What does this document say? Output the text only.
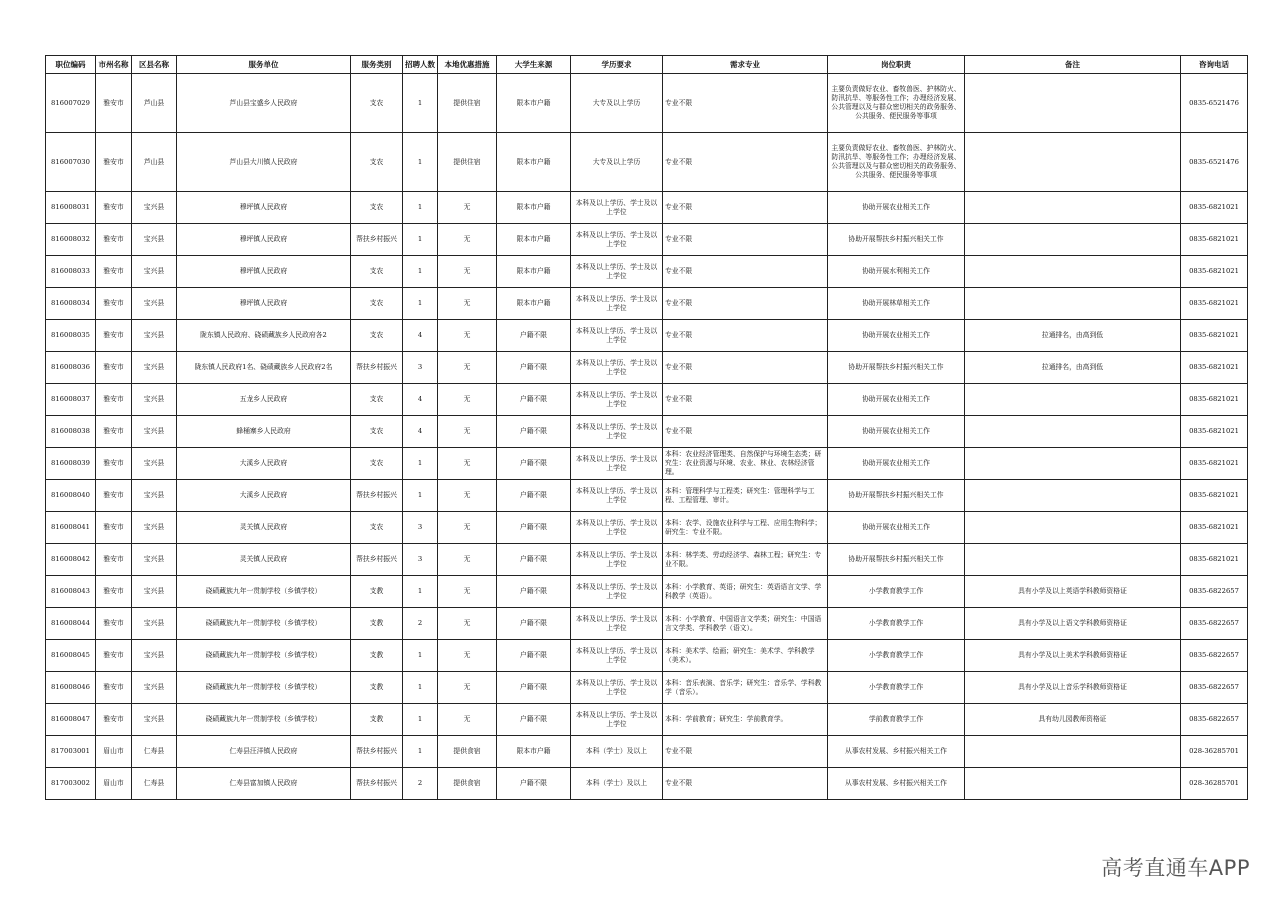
职位编码	市州名称	区县名称	服务单位	服务类别	招聘人数	本地优惠措施	大学生来源	学历要求	需求专业	岗位职责	备注	咨询电话
816007029	雅安市	芦山县	芦山县宝盛乡人民政府	支农	1	提供住宿	限本市户籍	大专及以上学历	专业不限	主要负责做好农业、畜牧兽医、护林防火、防汛抗旱、等服务性工作；办理经济发展、公共管理以及与群众密切相关的政务服务、公共服务、便民服务等事项		0835-6521476
816007030	雅安市	芦山县	芦山县大川镇人民政府	支农	1	提供住宿	限本市户籍	大专及以上学历	专业不限	主要负责做好农业、畜牧兽医、护林防火、防汛抗旱、等服务性工作；办理经济发展、公共管理以及与群众密切相关的政务服务、公共服务、便民服务等事项		0835-6521476
816008031	雅安市	宝兴县	穆坪镇人民政府	支农	1	无	限本市户籍	本科及以上学历、学士及以上学位	专业不限	协助开展农业相关工作		0835-6821021
816008032	雅安市	宝兴县	穆坪镇人民政府	帮扶乡村振兴	1	无	限本市户籍	本科及以上学历、学士及以上学位	专业不限	协助开展帮扶乡村振兴相关工作		0835-6821021
816008033	雅安市	宝兴县	穆坪镇人民政府	支农	1	无	限本市户籍	本科及以上学历、学士及以上学位	专业不限	协助开展水利相关工作		0835-6821021
816008034	雅安市	宝兴县	穆坪镇人民政府	支农	1	无	限本市户籍	本科及以上学历、学士及以上学位	专业不限	协助开展林草相关工作		0835-6821021
816008035	雅安市	宝兴县	陇东镇人民政府、硗碛藏族乡人民政府各2	支农	4	无	户籍不限	本科及以上学历、学士及以上学位	专业不限	协助开展农业相关工作	拉通排名，由高到低	0835-6821021
816008036	雅安市	宝兴县	陇东镇人民政府1名、硗碛藏族乡人民政府2名	帮扶乡村振兴	3	无	户籍不限	本科及以上学历、学士及以上学位	专业不限	协助开展帮扶乡村振兴相关工作	拉通排名，由高到低	0835-6821021
816008037	雅安市	宝兴县	五龙乡人民政府	支农	4	无	户籍不限	本科及以上学历、学士及以上学位	专业不限	协助开展农业相关工作		0835-6821021
816008038	雅安市	宝兴县	蜂桶寨乡人民政府	支农	4	无	户籍不限	本科及以上学历、学士及以上学位	专业不限	协助开展农业相关工作		0835-6821021
816008039	雅安市	宝兴县	大溪乡人民政府	支农	1	无	户籍不限	本科及以上学历、学士及以上学位	本科：农业经济管理类、自然保护与环境生态类；研究生：农业资源与环境、农业、林业、农林经济管理。	协助开展农业相关工作		0835-6821021
816008040	雅安市	宝兴县	大溪乡人民政府	帮扶乡村振兴	1	无	户籍不限	本科及以上学历、学士及以上学位	本科：管理科学与工程类；研究生：管理科学与工程、工程管理、审计。	协助开展帮扶乡村振兴相关工作		0835-6821021
816008041	雅安市	宝兴县	灵关镇人民政府	支农	3	无	户籍不限	本科及以上学历、学士及以上学位	本科：农学、设施农业科学与工程、应用生物科学；研究生：专业不限。	协助开展农业相关工作		0835-6821021
816008042	雅安市	宝兴县	灵关镇人民政府	帮扶乡村振兴	3	无	户籍不限	本科及以上学历、学士及以上学位	本科：林学类、劳动经济学、森林工程；研究生：专业不限。	协助开展帮扶乡村振兴相关工作		0835-6821021
816008043	雅安市	宝兴县	硗碛藏族九年一贯制学校（乡镇学校）	支教	1	无	户籍不限	本科及以上学历、学士及以上学位	本科：小学教育、英语；研究生：英语语言文学、学科教学（英语）。	小学教育教学工作	具有小学及以上英语学科教师资格证	0835-6822657
816008044	雅安市	宝兴县	硗碛藏族九年一贯制学校（乡镇学校）	支教	2	无	户籍不限	本科及以上学历、学士及以上学位	本科：小学教育、中国语言文学类；研究生：中国语言文学类、学科教学（语文）。	小学教育教学工作	具有小学及以上语文学科教师资格证	0835-6822657
816008045	雅安市	宝兴县	硗碛藏族九年一贯制学校（乡镇学校）	支教	1	无	户籍不限	本科及以上学历、学士及以上学位	本科：美术学、绘画；研究生：美术学、学科教学（美术）。	小学教育教学工作	具有小学及以上美术学科教师资格证	0835-6822657
816008046	雅安市	宝兴县	硗碛藏族九年一贯制学校（乡镇学校）	支教	1	无	户籍不限	本科及以上学历、学士及以上学位	本科：音乐表演、音乐学；研究生：音乐学、学科教学（音乐）。	小学教育教学工作	具有小学及以上音乐学科教师资格证	0835-6822657
816008047	雅安市	宝兴县	硗碛藏族九年一贯制学校（乡镇学校）	支教	1	无	户籍不限	本科及以上学历、学士及以上学位	本科：学前教育；研究生：学前教育学。	学前教育教学工作	具有幼儿园教师资格证	0835-6822657
817003001	眉山市	仁寿县	仁寿县汪洋镇人民政府	帮扶乡村振兴	1	提供食宿	限本市户籍	本科（学士）及以上	专业不限	从事农村发展、乡村振兴相关工作		028-36285701
817003002	眉山市	仁寿县	仁寿县富加镇人民政府	帮扶乡村振兴	2	提供食宿	户籍不限	本科（学士）及以上	专业不限	从事农村发展、乡村振兴相关工作		028-36285701
高考直通车APP
